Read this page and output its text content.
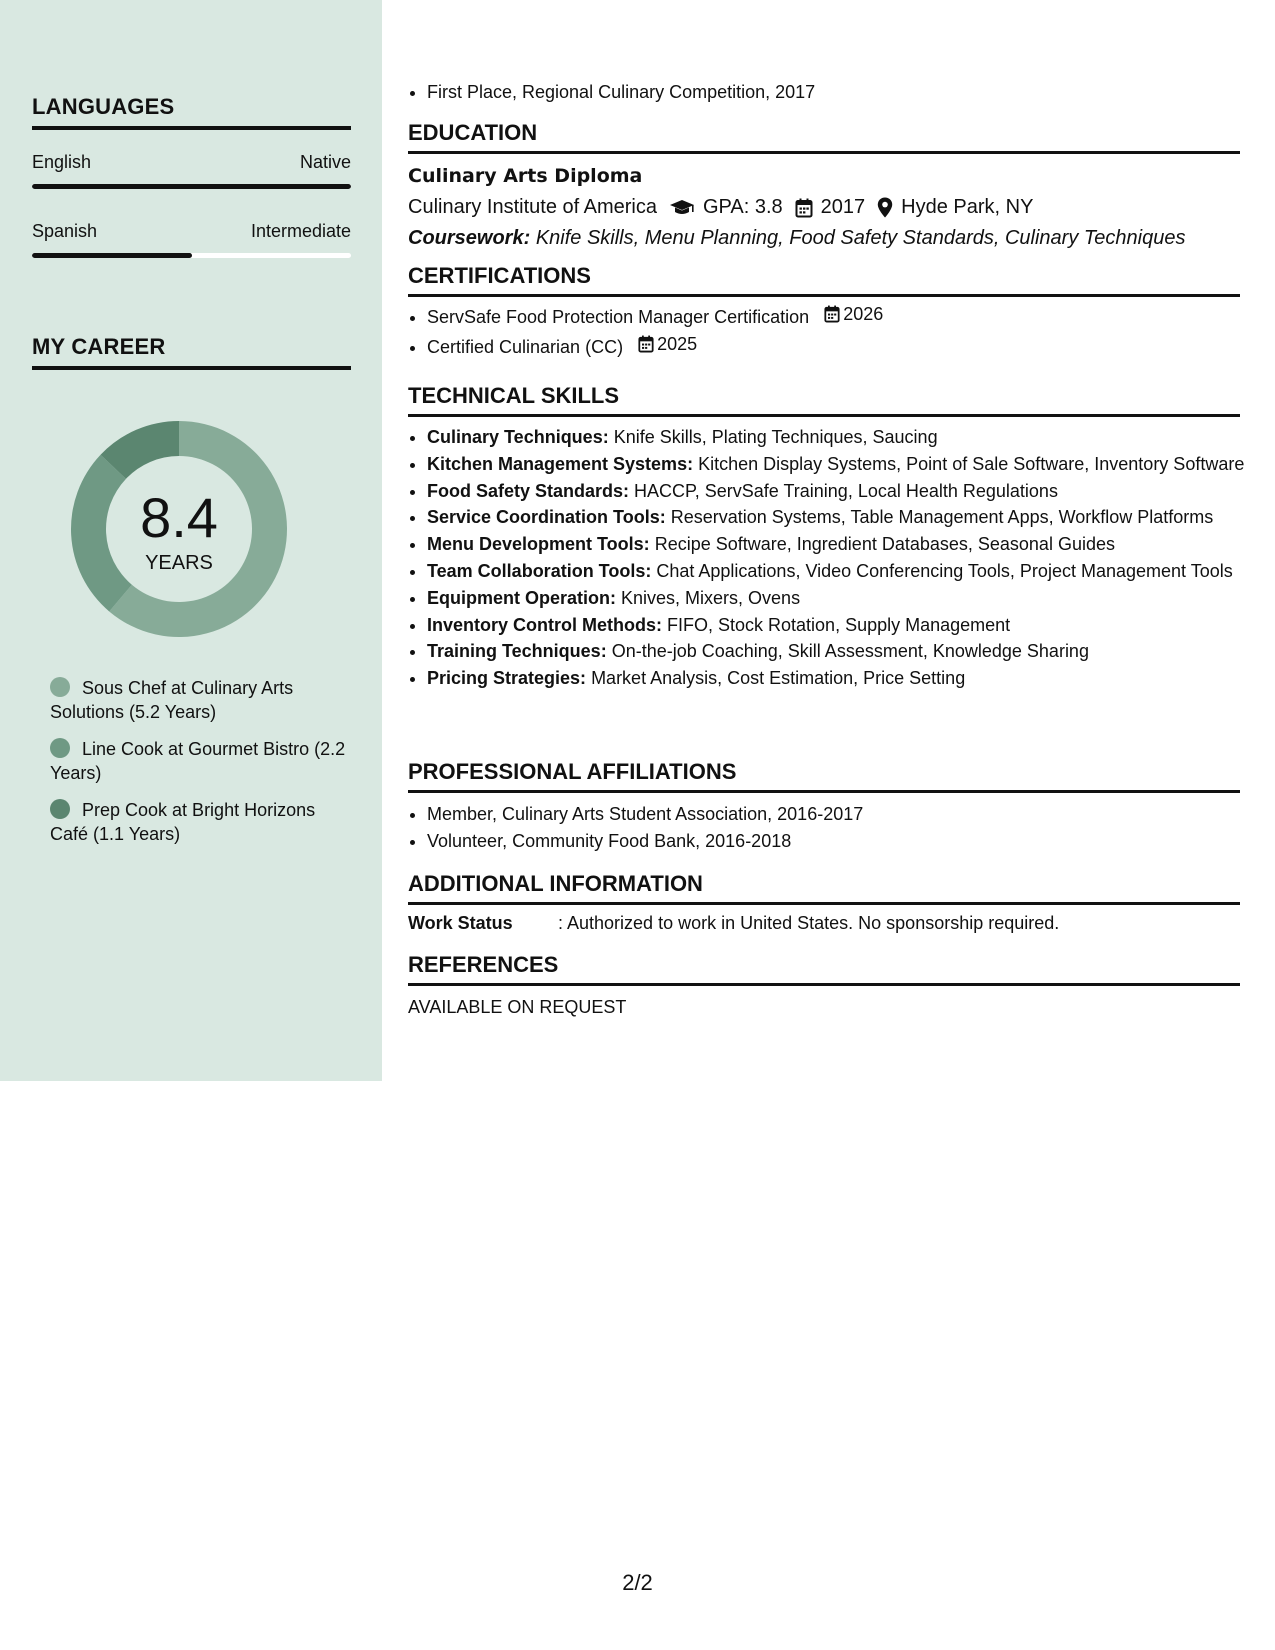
LANGUAGES
English	Native
Spanish	Intermediate
MY CAREER
8.4
YEARS
Sous Chef at Culinary Arts Solutions (5.2 Years)
Line Cook at Gourmet Bistro (2.2 Years)
Prep Cook at Bright Horizons Café (1.1 Years)
• First Place, Regional Culinary Competition, 2017
EDUCATION
Culinary Arts Diploma
Culinary Institute of America GPA: 3.8 2017 Hyde Park, NY
Coursework: Knife Skills, Menu Planning, Food Safety Standards, Culinary Techniques
CERTIFICATIONS
• ServSafe Food Protection Manager Certification 2026
• Certified Culinarian (CC) 2025
TECHNICAL SKILLS
• Culinary Techniques: Knife Skills, Plating Techniques, Saucing
• Kitchen Management Systems: Kitchen Display Systems, Point of Sale Software, Inventory Software
• Food Safety Standards: HACCP, ServSafe Training, Local Health Regulations
• Service Coordination Tools: Reservation Systems, Table Management Apps, Workflow Platforms
• Menu Development Tools: Recipe Software, Ingredient Databases, Seasonal Guides
• Team Collaboration Tools: Chat Applications, Video Conferencing Tools, Project Management Tools
• Equipment Operation: Knives, Mixers, Ovens
• Inventory Control Methods: FIFO, Stock Rotation, Supply Management
• Training Techniques: On-the-job Coaching, Skill Assessment, Knowledge Sharing
• Pricing Strategies: Market Analysis, Cost Estimation, Price Setting
PROFESSIONAL AFFILIATIONS
• Member, Culinary Arts Student Association, 2016-2017
• Volunteer, Community Food Bank, 2016-2018
ADDITIONAL INFORMATION
Work Status	: Authorized to work in United States. No sponsorship required.
REFERENCES
AVAILABLE ON REQUEST
2/2
